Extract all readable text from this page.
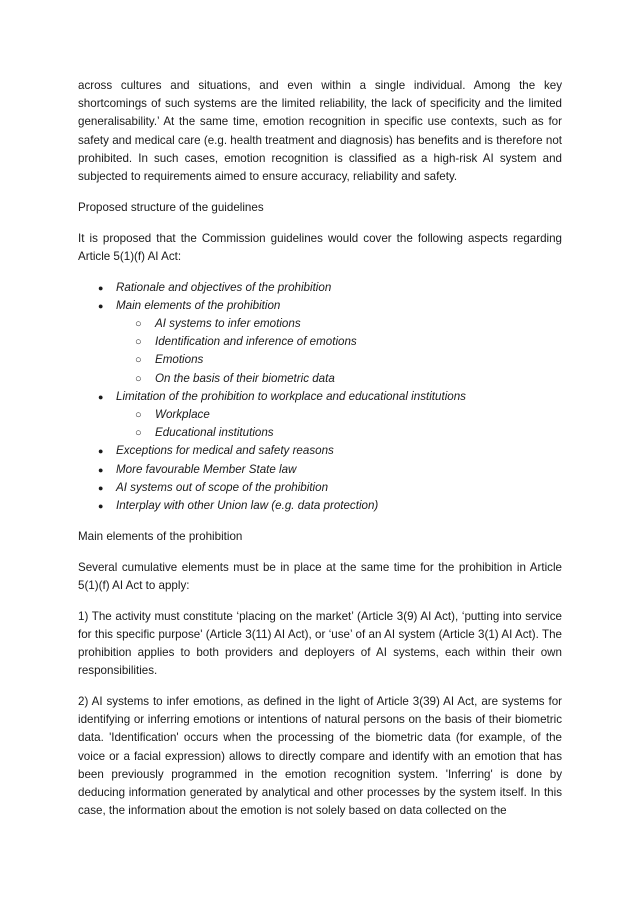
across cultures and situations, and even within a single individual. Among the key shortcomings of such systems are the limited reliability, the lack of specificity and the limited generalisability.’ At the same time, emotion recognition in specific use contexts, such as for safety and medical care (e.g. health treatment and diagnosis) has benefits and is therefore not prohibited. In such cases, emotion recognition is classified as a high-risk AI system and subjected to requirements aimed to ensure accuracy, reliability and safety.

Proposed structure of the guidelines

It is proposed that the Commission guidelines would cover the following aspects regarding Article 5(1)(f) AI Act:

● Rationale and objectives of the prohibition
● Main elements of the prohibition
○ AI systems to infer emotions
○ Identification and inference of emotions
○ Emotions
○ On the basis of their biometric data
● Limitation of the prohibition to workplace and educational institutions
○ Workplace
○ Educational institutions
● Exceptions for medical and safety reasons
● More favourable Member State law
● AI systems out of scope of the prohibition
● Interplay with other Union law (e.g. data protection)

Main elements of the prohibition

Several cumulative elements must be in place at the same time for the prohibition in Article 5(1)(f) AI Act to apply:

1) The activity must constitute ‘placing on the market’ (Article 3(9) AI Act), ‘putting into service for this specific purpose' (Article 3(11) AI Act), or ‘use’ of an AI system (Article 3(1) AI Act). The prohibition applies to both providers and deployers of AI systems, each within their own responsibilities.

2) AI systems to infer emotions, as defined in the light of Article 3(39) AI Act, are systems for identifying or inferring emotions or intentions of natural persons on the basis of their biometric data. 'Identification' occurs when the processing of the biometric data (for example, of the voice or a facial expression) allows to directly compare and identify with an emotion that has been previously programmed in the emotion recognition system. 'Inferring' is done by deducing information generated by analytical and other processes by the system itself. In this case, the information about the emotion is not solely based on data collected on the
